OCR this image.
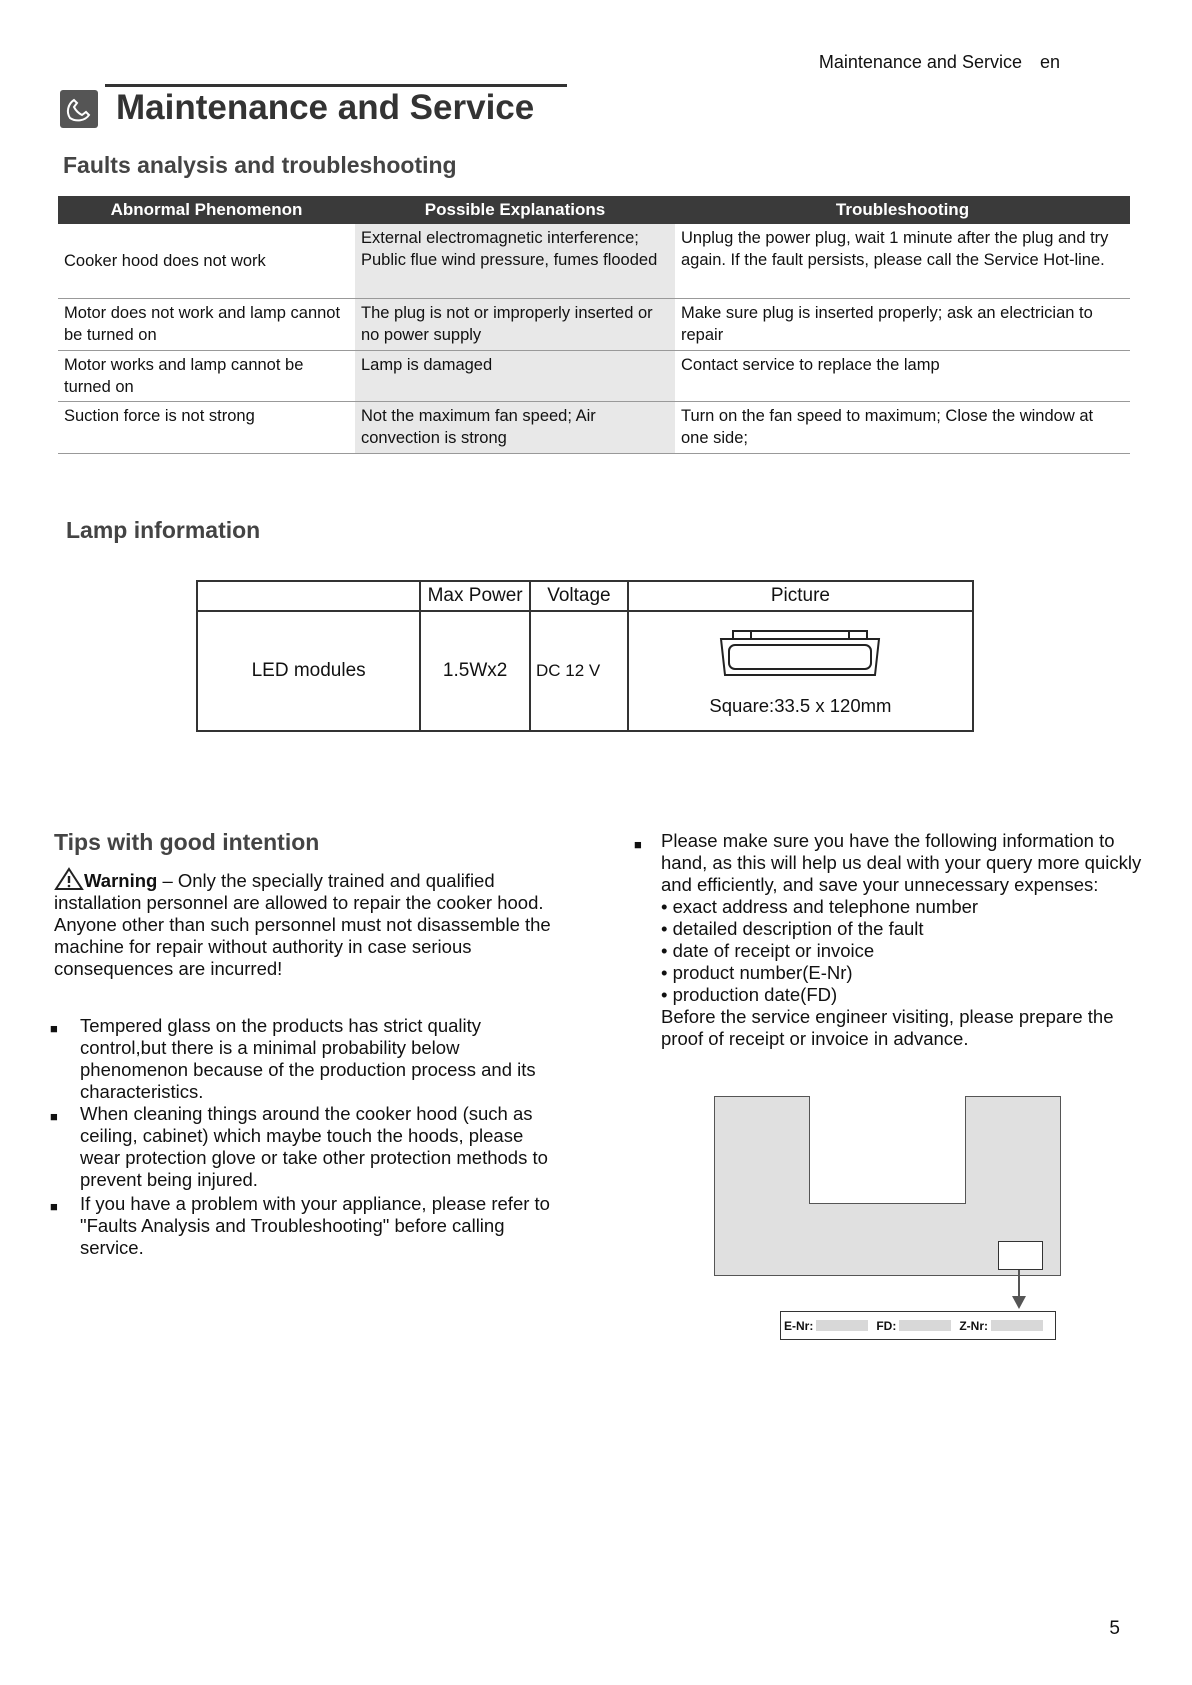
Maintenance and Service en
Maintenance and Service
Faults analysis and troubleshooting
Abnormal Phenomenon	Possible Explanations	Troubleshooting
Cooker hood does not work	External electromagnetic interference; Public flue wind pressure, fumes flooded	Unplug the power plug, wait 1 minute after the plug and try again. If the fault persists, please call the Service Hot-line.
Motor does not work and lamp cannot be turned on	The plug is not or improperly inserted or no power supply	Make sure plug is inserted properly; ask an electrician to repair
Motor works and lamp cannot be turned on	Lamp is damaged	Contact service to replace the lamp
Suction force is not strong	Not the maximum fan speed; Air convection is strong	Turn on the fan speed to maximum; Close the window at one side;
Lamp information
	Max Power	Voltage	Picture
LED modules	1.5Wx2	DC 12 V	Square:33.5 x 120mm
Tips with good intention
Warning – Only the specially trained and qualified installation personnel are allowed to repair the cooker hood. Anyone other than such personnel must not disassemble the machine for repair without authority in case serious consequences are incurred!
■ Tempered glass on the products has strict quality control,but there is a minimal probability below phenomenon because of the production process and its characteristics.
■ When cleaning things around the cooker hood (such as ceiling, cabinet) which maybe touch the hoods, please wear protection glove or take other protection methods to prevent being injured.
■ If you have a problem with your appliance, please refer to "Faults Analysis and Troubleshooting" before calling service.
■ Please make sure you have the following information to hand, as this will help us deal with your query more quickly and efficiently, and save your unnecessary expenses:
• exact address and telephone number
• detailed description of the fault
• date of receipt or invoice
• product number(E-Nr)
• production date(FD)
Before the service engineer visiting, please prepare the proof of receipt or invoice in advance.
E-Nr:	FD:	Z-Nr:
5
